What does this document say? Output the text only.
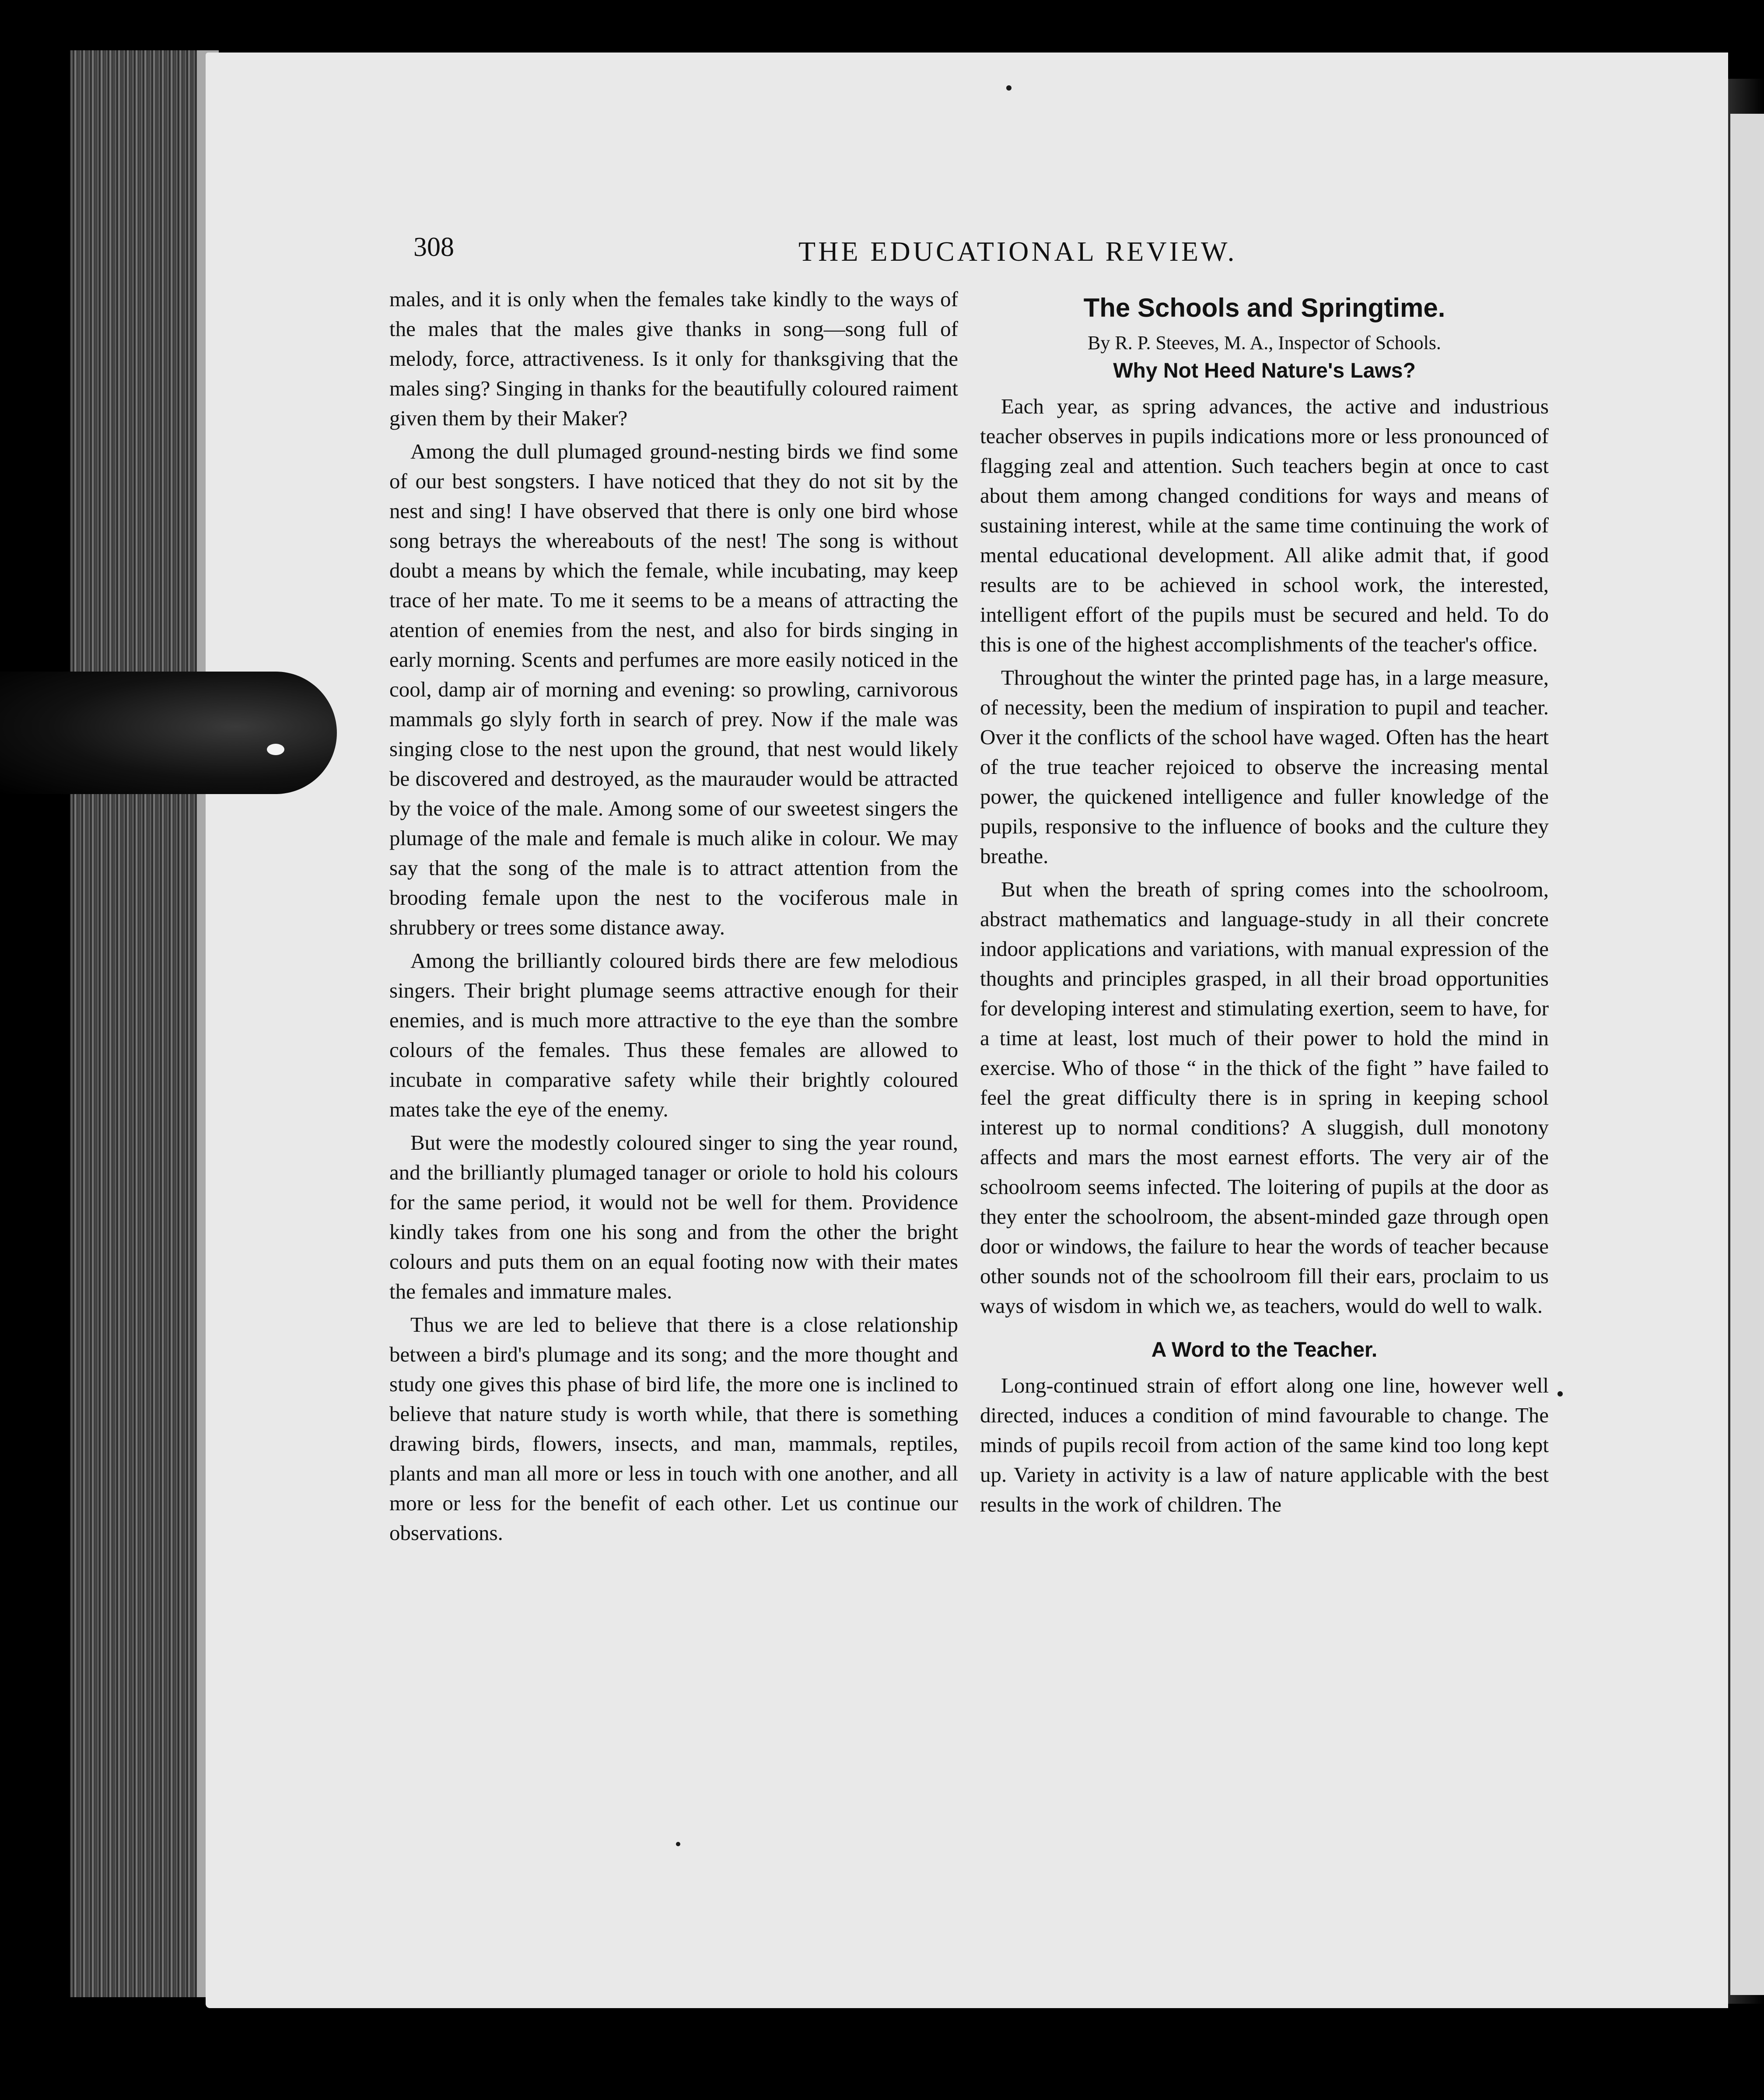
308	THE EDUCATIONAL REVIEW.

males, and it is only when the females take kindly to the ways of the males that the males give thanks in song—song full of melody, force, attractiveness. Is it only for thanksgiving that the males sing? Singing in thanks for the beautifully coloured raiment given them by their Maker?

Among the dull plumaged ground-nesting birds we find some of our best songsters. I have noticed that they do not sit by the nest and sing! I have observed that there is only one bird whose song betrays the whereabouts of the nest! The song is without doubt a means by which the female, while incubating, may keep trace of her mate. To me it seems to be a means of attracting the atention of enemies from the nest, and also for birds singing in early morning. Scents and perfumes are more easily noticed in the cool, damp air of morning and evening: so prowling, carnivorous mammals go slyly forth in search of prey. Now if the male was singing close to the nest upon the ground, that nest would likely be discovered and destroyed, as the maurauder would be attracted by the voice of the male. Among some of our sweetest singers the plumage of the male and female is much alike in colour. We may say that the song of the male is to attract attention from the brooding female upon the nest to the vociferous male in shrubbery or trees some distance away.

Among the brilliantly coloured birds there are few melodious singers. Their bright plumage seems attractive enough for their enemies, and is much more attractive to the eye than the sombre colours of the females. Thus these females are allowed to incubate in comparative safety while their brightly coloured mates take the eye of the enemy.

But were the modestly coloured singer to sing the year round, and the brilliantly plumaged tanager or oriole to hold his colours for the same period, it would not be well for them. Providence kindly takes from one his song and from the other the bright colours and puts them on an equal footing now with their mates the females and immature males.

Thus we are led to believe that there is a close relationship between a bird's plumage and its song; and the more thought and study one gives this phase of bird life, the more one is inclined to believe that nature study is worth while, that there is something drawing birds, flowers, insects, and man, mammals, reptiles, plants and man all more or less in touch with one another, and all more or less for the benefit of each other. Let us continue our observations.

The Schools and Springtime.

By R. P. Steeves, M. A., Inspector of Schools.

Why Not Heed Nature's Laws?

Each year, as spring advances, the active and industrious teacher observes in pupils indications more or less pronounced of flagging zeal and attention. Such teachers begin at once to cast about them among changed conditions for ways and means of sustaining interest, while at the same time continuing the work of mental educational development. All alike admit that, if good results are to be achieved in school work, the interested, intelligent effort of the pupils must be secured and held. To do this is one of the highest accomplishments of the teacher's office.

Throughout the winter the printed page has, in a large measure, of necessity, been the medium of inspiration to pupil and teacher. Over it the conflicts of the school have waged. Often has the heart of the true teacher rejoiced to observe the increasing mental power, the quickened intelligence and fuller knowledge of the pupils, responsive to the influence of books and the culture they breathe.

But when the breath of spring comes into the schoolroom, abstract mathematics and language-study in all their concrete indoor applications and variations, with manual expression of the thoughts and principles grasped, in all their broad opportunities for developing interest and stimulating exertion, seem to have, for a time at least, lost much of their power to hold the mind in exercise. Who of those “ in the thick of the fight ” have failed to feel the great difficulty there is in spring in keeping school interest up to normal conditions? A sluggish, dull monotony affects and mars the most earnest efforts. The very air of the schoolroom seems infected. The loitering of pupils at the door as they enter the schoolroom, the absent-minded gaze through open door or windows, the failure to hear the words of teacher because other sounds not of the schoolroom fill their ears, proclaim to us ways of wisdom in which we, as teachers, would do well to walk.

A Word to the Teacher.

Long-continued strain of effort along one line, however well directed, induces a condition of mind favourable to change. The minds of pupils recoil from action of the same kind too long kept up. Variety in activity is a law of nature applicable with the best results in the work of children. The
